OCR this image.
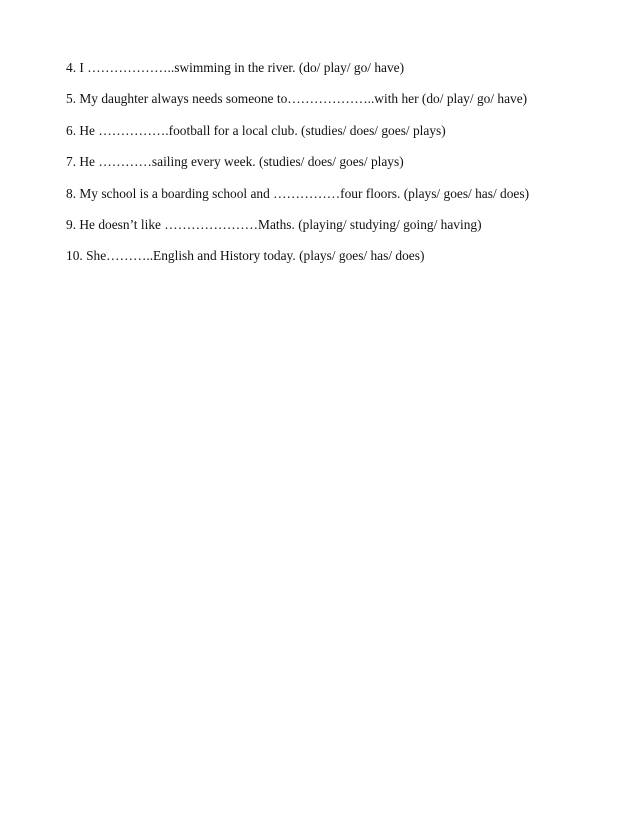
4. I ………………..swimming in the river. (do/ play/ go/ have)

5. My daughter always needs someone to………………..with her (do/ play/ go/ have)

6. He …………….football for a local club. (studies/ does/ goes/ plays)

7. He …………sailing every week. (studies/ does/ goes/ plays)

8. My school is a boarding school and ……………four floors. (plays/ goes/ has/ does)

9. He doesn’t like …………………Maths. (playing/ studying/ going/ having)

10. She………..English and History today. (plays/ goes/ has/ does)
